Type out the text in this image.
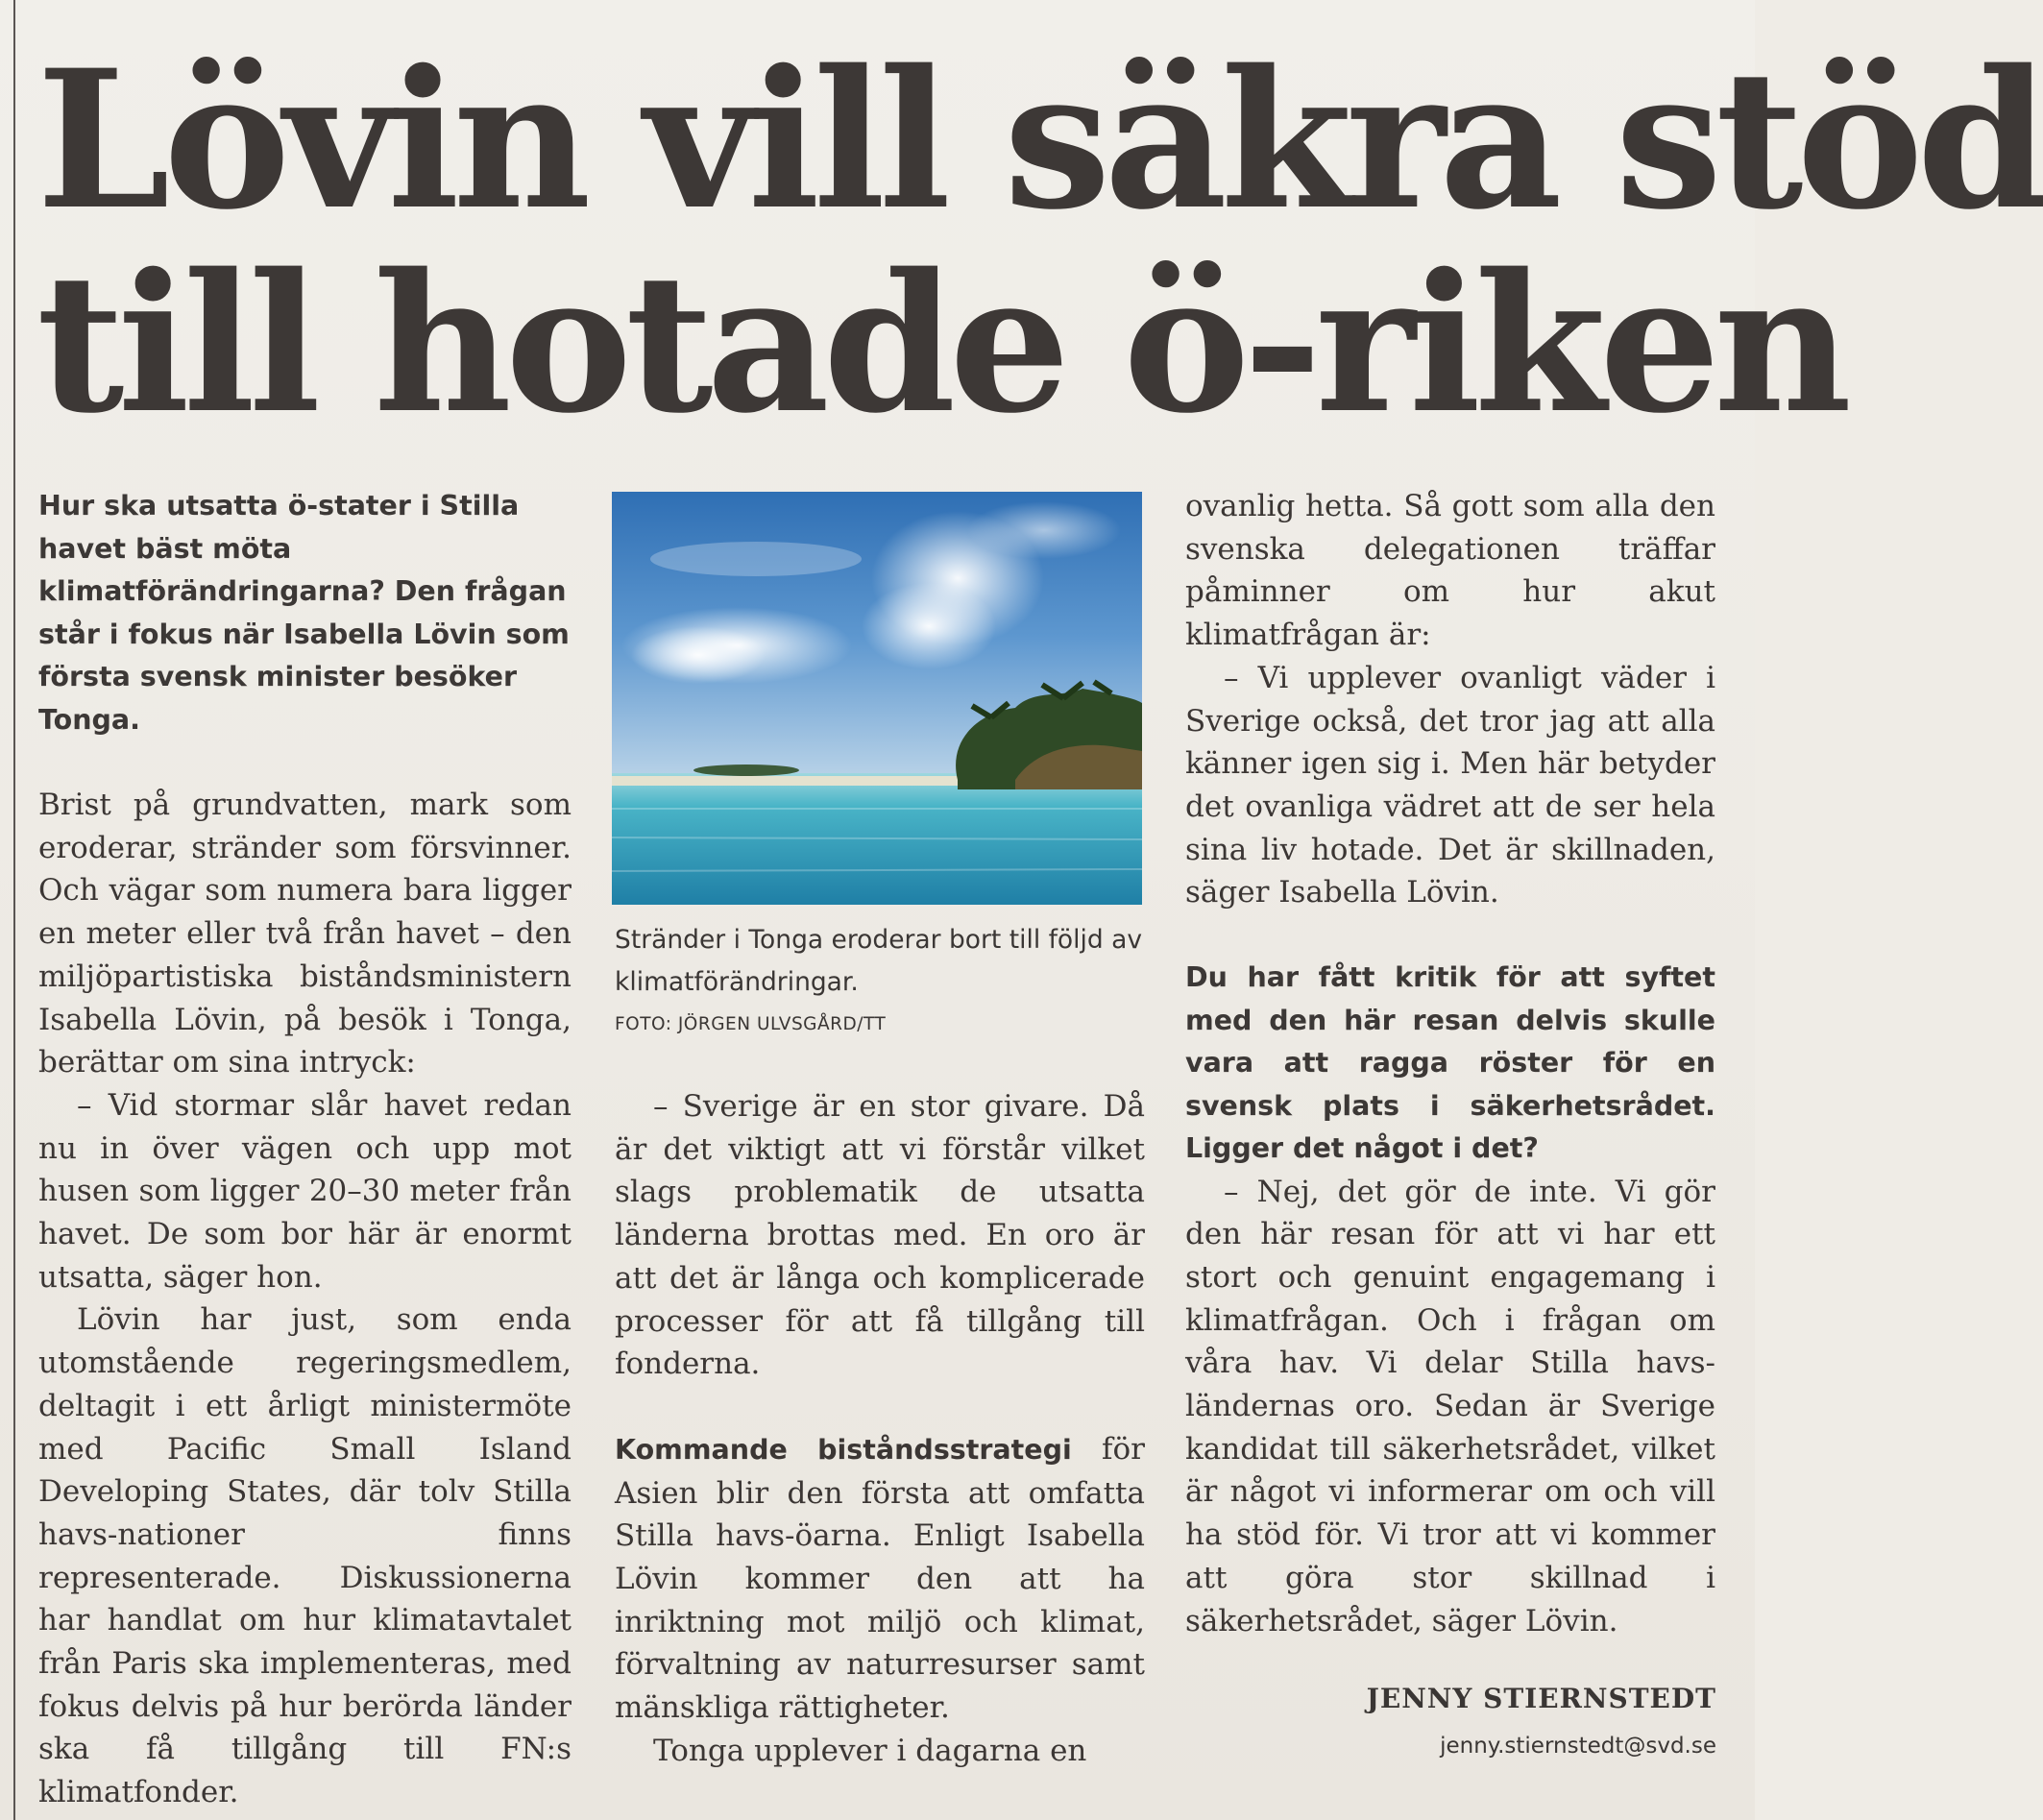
Lövin vill säkra stöd
till hotade ö-riken

Hur ska utsatta ö-stater i Stilla havet bäst möta klimatförändringarna? Den frågan står i fokus när Isabella Lövin som första svensk minister besöker Tonga.

Brist på grundvatten, mark som eroderar, stränder som försvinner. Och vägar som numera bara ligger en meter eller två från havet – den miljöpartistiska biståndsministern Isabella Lövin, på besök i Tonga, berättar om sina intryck:

– Vid stormar slår havet redan nu in över vägen och upp mot husen som ligger 20–30 meter från havet. De som bor här är enormt utsatta, säger hon.

Lövin har just, som enda utomstående regeringsmedlem, deltagit i ett årligt ministermöte med Pacific Small Island Developing States, där tolv Stilla havs-nationer finns representerade. Diskussionerna har handlat om hur klimatavtalet från Paris ska implementeras, med fokus delvis på hur berörda länder ska få tillgång till FN:s klimatfonder.

Stränder i Tonga eroderar bort till följd av klimatförändringar.
FOTO: JÖRGEN ULVSGÅRD/TT

– Sverige är en stor givare. Då är det viktigt att vi förstår vilket slags problematik de utsatta länderna brottas med. En oro är att det är långa och komplicerade processer för att få tillgång till fonderna.

Kommande biståndsstrategi för Asien blir den första att omfatta Stilla havs-öarna. Enligt Isabella Lövin kommer den att ha inriktning mot miljö och klimat, förvaltning av naturresurser samt mänskliga rättigheter.

Tonga upplever i dagarna en

ovanlig hetta. Så gott som alla den svenska delegationen träffar påminner om hur akut klimatfrågan är:

– Vi upplever ovanligt väder i Sverige också, det tror jag att alla känner igen sig i. Men här betyder det ovanliga vädret att de ser hela sina liv hotade. Det är skillnaden, säger Isabella Lövin.

Du har fått kritik för att syftet med den här resan delvis skulle vara att ragga röster för en svensk plats i säkerhetsrådet. Ligger det något i det?

– Nej, det gör de inte. Vi gör den här resan för att vi har ett stort och genuint engagemang i klimatfrågan. Och i frågan om våra hav. Vi delar Stilla havs-ländernas oro. Sedan är Sverige kandidat till säkerhetsrådet, vilket är något vi informerar om och vill ha stöd för. Vi tror att vi kommer att göra stor skillnad i säkerhetsrådet, säger Lövin.

JENNY STIERNSTEDT
jenny.stiernstedt@svd.se
